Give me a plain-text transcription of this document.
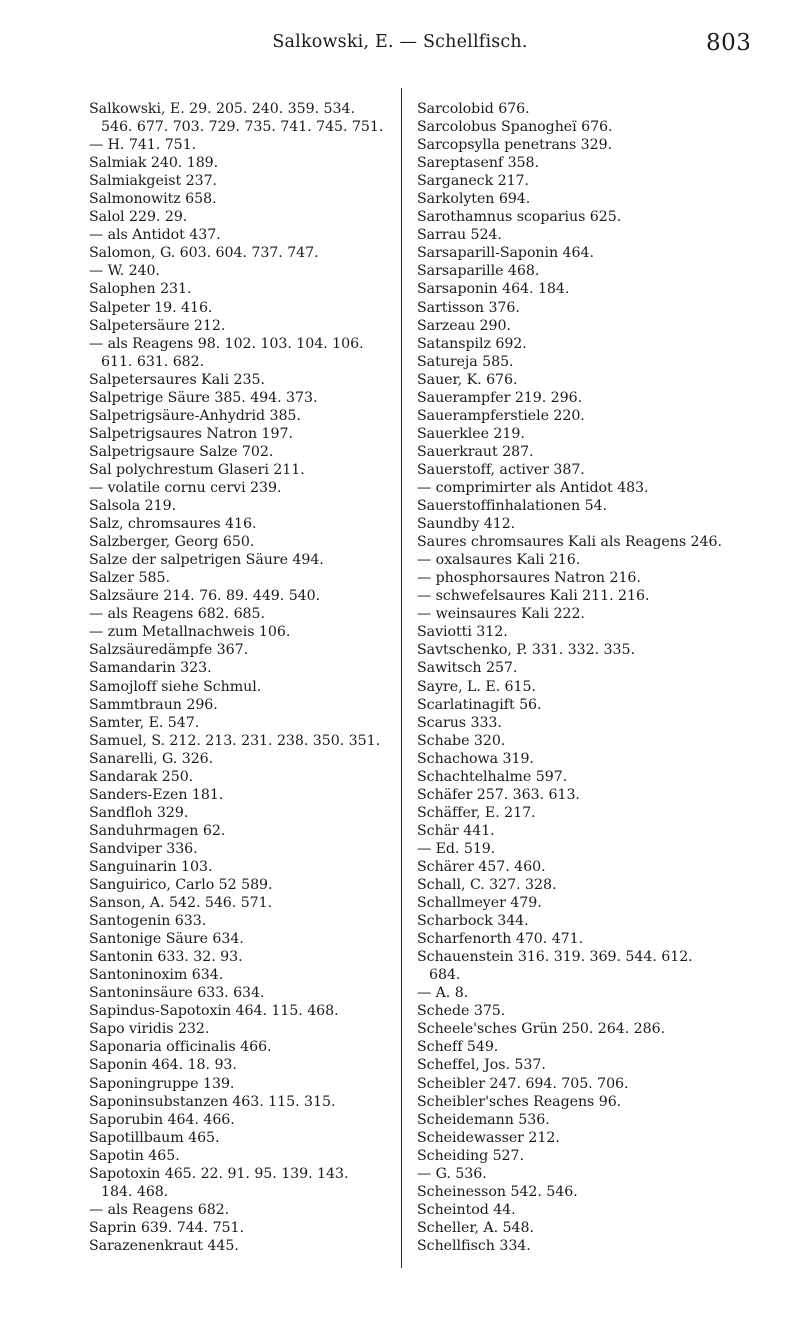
Salkowski, E. — Schellfisch.	803
Salkowski, E. 29. 205. 240. 359. 534.
546. 677. 703. 729. 735. 741. 745. 751.
— H. 741. 751.
Salmiak 240. 189.
Salmiakgeist 237.
Salmonowitz 658.
Salol 229. 29.
— als Antidot 437.
Salomon, G. 603. 604. 737. 747.
— W. 240.
Salophen 231.
Salpeter 19. 416.
Salpetersäure 212.
— als Reagens 98. 102. 103. 104. 106.
611. 631. 682.
Salpetersaures Kali 235.
Salpetrige Säure 385. 494. 373.
Salpetrigsäure-Anhydrid 385.
Salpetrigsaures Natron 197.
Salpetrigsaure Salze 702.
Sal polychrestum Glaseri 211.
— volatile cornu cervi 239.
Salsola 219.
Salz, chromsaures 416.
Salzberger, Georg 650.
Salze der salpetrigen Säure 494.
Salzer 585.
Salzsäure 214. 76. 89. 449. 540.
— als Reagens 682. 685.
— zum Metallnachweis 106.
Salzsäuredämpfe 367.
Samandarin 323.
Samojloff siehe Schmul.
Sammtbraun 296.
Samter, E. 547.
Samuel, S. 212. 213. 231. 238. 350. 351.
Sanarelli, G. 326.
Sandarak 250.
Sanders-Ezen 181.
Sandfloh 329.
Sanduhrmagen 62.
Sandviper 336.
Sanguinarin 103.
Sanguirico, Carlo 52 589.
Sanson, A. 542. 546. 571.
Santogenin 633.
Santonige Säure 634.
Santonin 633. 32. 93.
Santoninoxim 634.
Santoninsäure 633. 634.
Sapindus-Sapotoxin 464. 115. 468.
Sapo viridis 232.
Saponaria officinalis 466.
Saponin 464. 18. 93.
Saponingruppe 139.
Saponinsubstanzen 463. 115. 315.
Saporubin 464. 466.
Sapotillbaum 465.
Sapotin 465.
Sapotoxin 465. 22. 91. 95. 139. 143.
184. 468.
— als Reagens 682.
Saprin 639. 744. 751.
Sarazenenkraut 445.
Sarcolobid 676.
Sarcolobus Spanogheï 676.
Sarcopsylla penetrans 329.
Sareptasenf 358.
Sarganeck 217.
Sarkolyten 694.
Sarothamnus scoparius 625.
Sarrau 524.
Sarsaparill-Saponin 464.
Sarsaparille 468.
Sarsaponin 464. 184.
Sartisson 376.
Sarzeau 290.
Satanspilz 692.
Satureja 585.
Sauer, K. 676.
Sauerampfer 219. 296.
Sauerampferstiele 220.
Sauerklee 219.
Sauerkraut 287.
Sauerstoff, activer 387.
— comprimirter als Antidot 483.
Sauerstoffinhalationen 54.
Saundby 412.
Saures chromsaures Kali als Reagens 246.
— oxalsaures Kali 216.
— phosphorsaures Natron 216.
— schwefelsaures Kali 211. 216.
— weinsaures Kali 222.
Saviotti 312.
Savtschenko, P. 331. 332. 335.
Sawitsch 257.
Sayre, L. E. 615.
Scarlatinagift 56.
Scarus 333.
Schabe 320.
Schachowa 319.
Schachtelhalme 597.
Schäfer 257. 363. 613.
Schäffer, E. 217.
Schär 441.
— Ed. 519.
Schärer 457. 460.
Schall, C. 327. 328.
Schallmeyer 479.
Scharbock 344.
Scharfenorth 470. 471.
Schauenstein 316. 319. 369. 544. 612.
684.
— A. 8.
Schede 375.
Scheele'sches Grün 250. 264. 286.
Scheff 549.
Scheffel, Jos. 537.
Scheibler 247. 694. 705. 706.
Scheibler'sches Reagens 96.
Scheidemann 536.
Scheidewasser 212.
Scheiding 527.
— G. 536.
Scheinesson 542. 546.
Scheintod 44.
Scheller, A. 548.
Schellfisch 334.
